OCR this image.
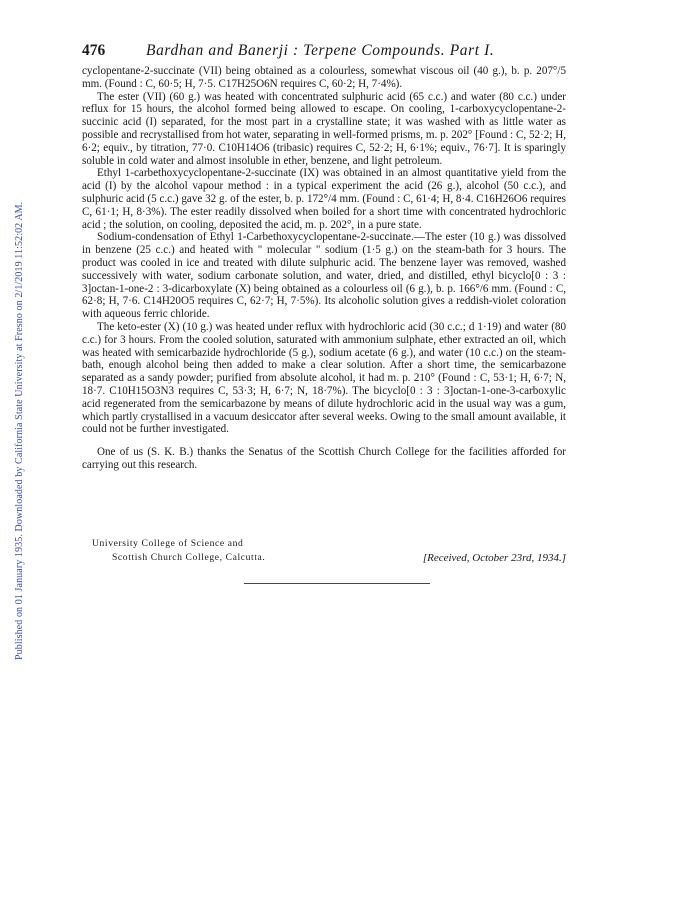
Published on 01 January 1935. Downloaded by California State University at Fresno on 2/1/2019 11:52:02 AM.
476	Bardhan and Banerji : Terpene Compounds. Part I.

cyclopentane-2-succinate (VII) being obtained as a colourless, somewhat viscous oil (40 g.), b. p. 207°/5 mm. (Found : C, 60·5; H, 7·5. C17H25O6N requires C, 60·2; H, 7·4%).

The ester (VII) (60 g.) was heated with concentrated sulphuric acid (65 c.c.) and water (80 c.c.) under reflux for 15 hours, the alcohol formed being allowed to escape. On cooling, 1-carboxycyclopentane-2-succinic acid (I) separated, for the most part in a crystalline state; it was washed with as little water as possible and recrystallised from hot water, separating in well-formed prisms, m. p. 202° [Found : C, 52·2; H, 6·2; equiv., by titration, 77·0. C10H14O6 (tribasic) requires C, 52·2; H, 6·1%; equiv., 76·7]. It is sparingly soluble in cold water and almost insoluble in ether, benzene, and light petroleum.

Ethyl 1-carbethoxycyclopentane-2-succinate (IX) was obtained in an almost quantitative yield from the acid (I) by the alcohol vapour method : in a typical experiment the acid (26 g.), alcohol (50 c.c.), and sulphuric acid (5 c.c.) gave 32 g. of the ester, b. p. 172°/4 mm. (Found : C, 61·4; H, 8·4. C16H26O6 requires C, 61·1; H, 8·3%). The ester readily dissolved when boiled for a short time with concentrated hydrochloric acid ; the solution, on cooling, deposited the acid, m. p. 202°, in a pure state.

Sodium-condensation of Ethyl 1-Carbethoxycyclopentane-2-succinate.—The ester (10 g.) was dissolved in benzene (25 c.c.) and heated with " molecular " sodium (1·5 g.) on the steam-bath for 3 hours. The product was cooled in ice and treated with dilute sulphuric acid. The benzene layer was removed, washed successively with water, sodium carbonate solution, and water, dried, and distilled, ethyl bicyclo[0 : 3 : 3]octan-1-one-2 : 3-dicarboxylate (X) being obtained as a colourless oil (6 g.), b. p. 166°/6 mm. (Found : C, 62·8; H, 7·6. C14H20O5 requires C, 62·7; H, 7·5%). Its alcoholic solution gives a reddish-violet coloration with aqueous ferric chloride.

The keto-ester (X) (10 g.) was heated under reflux with hydrochloric acid (30 c.c.; d 1·19) and water (80 c.c.) for 3 hours. From the cooled solution, saturated with ammonium sulphate, ether extracted an oil, which was heated with semicarbazide hydrochloride (5 g.), sodium acetate (6 g.), and water (10 c.c.) on the steam-bath, enough alcohol being then added to make a clear solution. After a short time, the semicarbazone separated as a sandy powder; purified from absolute alcohol, it had m. p. 210° (Found : C, 53·1; H, 6·7; N, 18·7. C10H15O3N3 requires C, 53·3; H, 6·7; N, 18·7%). The bicyclo[0 : 3 : 3]octan-1-one-3-carboxylic acid regenerated from the semicarbazone by means of dilute hydrochloric acid in the usual way was a gum, which partly crystallised in a vacuum desiccator after several weeks. Owing to the small amount available, it could not be further investigated.

One of us (S. K. B.) thanks the Senatus of the Scottish Church College for the facilities afforded for carrying out this research.

University College of Science and
Scottish Church College, Calcutta.	[Received, October 23rd, 1934.]
